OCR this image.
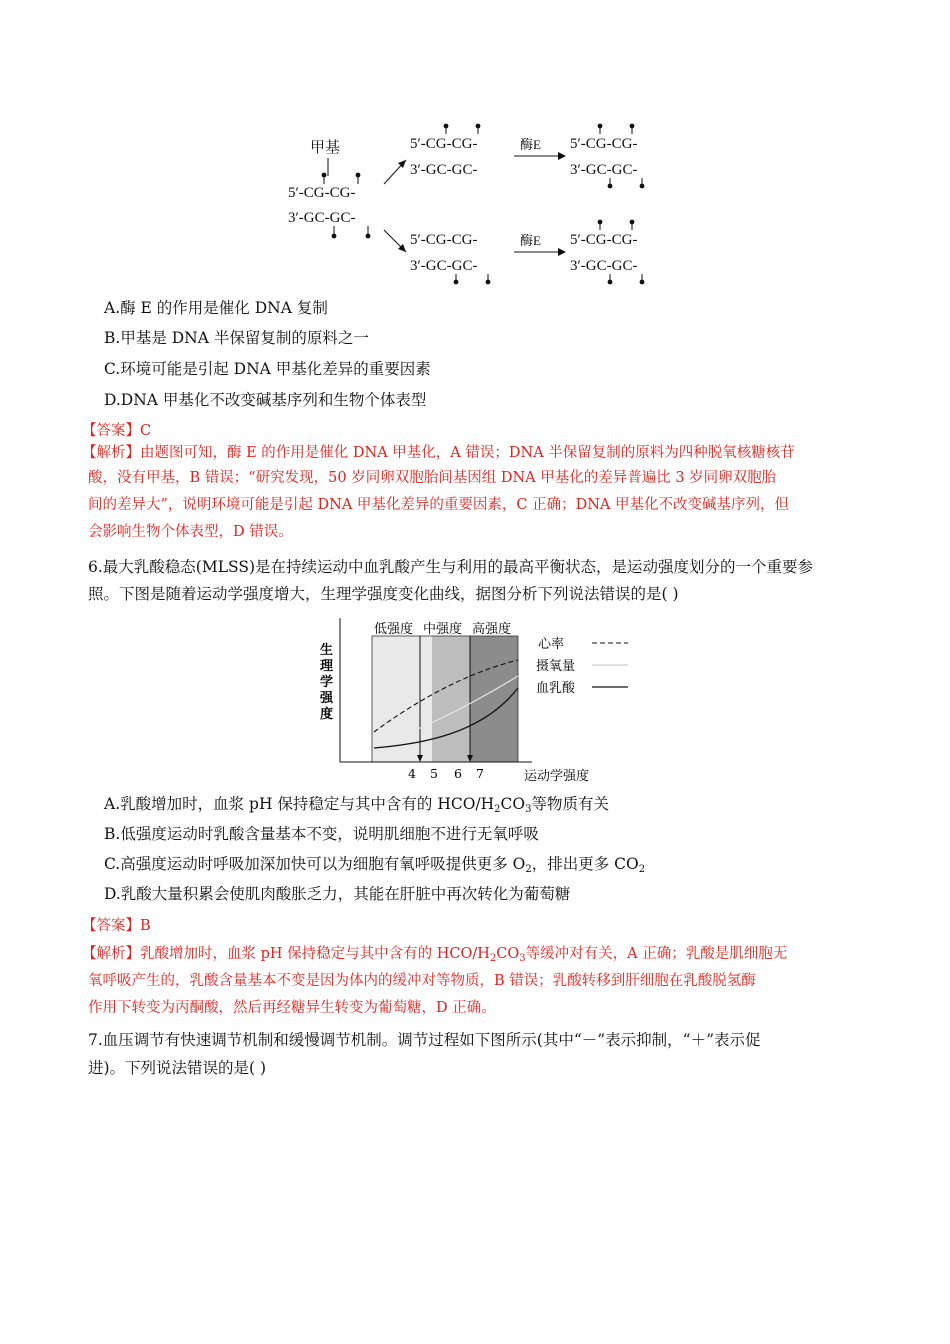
甲基
5′-CG-CG-
3′-GC-GC-
5′-CG-CG-
3′-GC-GC-
酶E 5′-CG-CG-
3′-GC-GC-
5′-CG-CG-
3′-GC-GC-
酶E 5′-CG-CG-
3′-GC-GC-
A.酶 E 的作用是催化 DNA 复制
B.甲基是 DNA 半保留复制的原料之一
C.环境可能是引起 DNA 甲基化差异的重要因素
D.DNA 甲基化不改变碱基序列和生物个体表型
【答案】C
【解析】由题图可知，酶 E 的作用是催化 DNA 甲基化，A 错误；DNA 半保留复制的原料为四种脱氧核糖核苷
酸，没有甲基，B 错误；“研究发现，50 岁同卵双胞胎间基因组 DNA 甲基化的差异普遍比 3 岁同卵双胞胎
间的差异大”，说明环境可能是引起 DNA 甲基化差异的重要因素，C 正确；DNA 甲基化不改变碱基序列，但
会影响生物个体表型，D 错误。
6.最大乳酸稳态(MLSS)是在持续运动中血乳酸产生与利用的最高平衡状态，是运动强度划分的一个重要参
照。下图是随着运动学强度增大，生理学强度变化曲线，据图分析下列说法错误的是( )
低强度 中强度 高强度
心率
摄氧量
血乳酸
生
理
学
强
度
4 5 6 7	运动学强度
A.乳酸增加时，血浆 pH 保持稳定与其中含有的 HCO/$H_2CO_3$等物质有关
B.低强度运动时乳酸含量基本不变，说明肌细胞不进行无氧呼吸
C.高强度运动时呼吸加深加快可以为细胞有氧呼吸提供更多 $O_2$，排出更多 $CO_2$
D.乳酸大量积累会使肌肉酸胀乏力，其能在肝脏中再次转化为葡萄糖
【答案】B
【解析】乳酸增加时，血浆 pH 保持稳定与其中含有的 HCO/$H_2CO_3$等缓冲对有关，A 正确；乳酸是肌细胞无
氧呼吸产生的，乳酸含量基本不变是因为体内的缓冲对等物质，B 错误；乳酸转移到肝细胞在乳酸脱氢酶
作用下转变为丙酮酸，然后再经糖异生转变为葡萄糖，D 正确。
7.血压调节有快速调节机制和缓慢调节机制。调节过程如下图所示(其中“－”表示抑制，“＋”表示促
进)。下列说法错误的是( )
